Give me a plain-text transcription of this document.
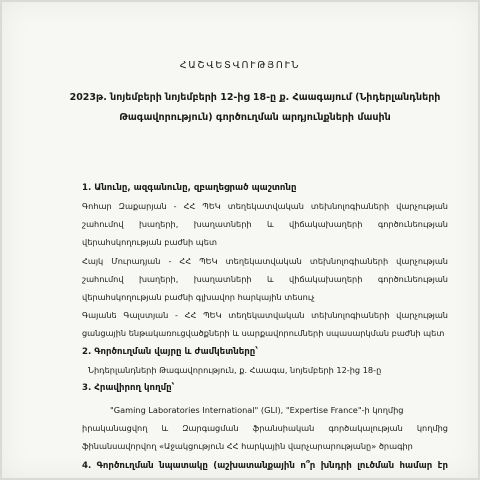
ՀԱՇՎԵՏՎՈՒԹՅՈՒՆ
2023թ. նոյեմբերի նոյեմբերի 12-ից 18-ը ք. Հաագայում (Նիդերլանդների
Թագավորություն) գործուղման արդյունքների մասին
1. Անունը, ազգանունը, զբաղեցրած պաշտոնը
Գոհար Զաքարյան - ՀՀ ՊԵԿ տեղեկատվական տեխնոլոգիաների վարչության
շահումով խաղերի, խաղատների և վիճակախաղերի գործունեության
վերահսկողության բաժնի պետ
Հայկ Մուրադյան - ՀՀ ՊԵԿ տեղեկատվական տեխնոլոգիաների վարչության
շահումով խաղերի, խաղատների և վիճակախաղերի գործունեության
վերահսկողության բաժնի գլխավոր հարկային տեսուչ
Գայանե Գալստյան - ՀՀ ՊԵԿ տեղեկատվական տեխնոլոգիաների վարչության
ցանցային ենթակառուցվածքների և սարքավորումների սպասարկման բաժնի պետ
2. Գործուղման վայրը և ժամկետները՝
Նիդերլանդների Թագավորություն, ք. Հաագա, նոյեմբերի 12-ից 18-ը
3. Հրավիրող կողմը՝
"Gaming Laboratories International" (GLI), "Expertise France"-ի կողմից
իրականացվող և Զարգացման ֆրանսիական գործակալության կողմից
ֆինանսավորվող «Աջակցություն ՀՀ հարկային վարչարարությանը» ծրագիր
4. Գործուղման նպատակը (աշխատանքային ո՞ր խնդրի լուծման համար էր
